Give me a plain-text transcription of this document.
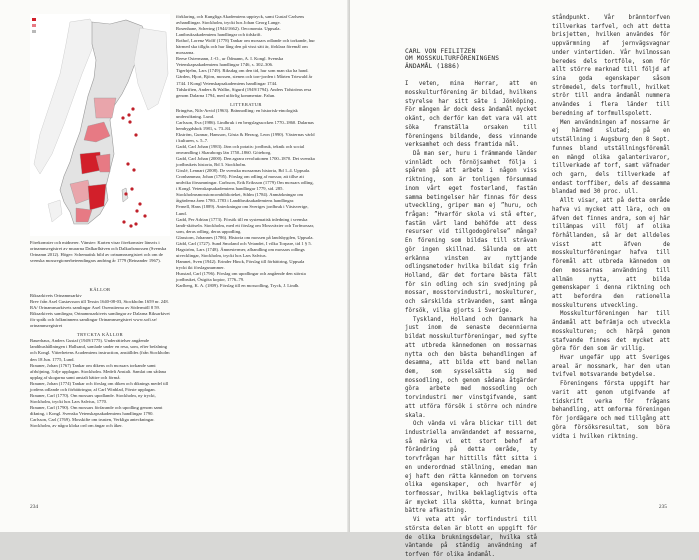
Förekomster och midnerer. Vänster: Karten visar förekomster länsvis i ortnamnsregistret av murarna Dalkarlhäven och Dalkarlsmossen (Svenska Ortnamn 2012). Höger: Schematisk bild av ortnamnsregistret och om de svenska mossregionerbeteendingars andring år 1779 (Reinander 1967).

KÄLLOR

Riksarkivets Ortnamnsarkiv

Brev från Axel Gustavsson till Tessin 1640-08-03, Stockholm 1659 nr. 248. RA/ Ortnamnsarkivets samlingar Axel Oxenstierna av Södermöll 8 59.

Riksarkivets samlingar, Ortnamnsarkivets samlingar av Dalarna Riksarkivet för språk och folkminnens samlingar Ortnamnsregistret www.sofi.se/ ortnamnsregistret

TRYCKTA KÄLLOR

Bauerhaus, Anders Gustaf (1949/1775). Underrättelser angående landthushållningen i Hallsand, samlade under en resa, som, efter befalning och Kongl. Vitterhetens Academiens instruction, anställdes (från Stockholm den 18 Jun. 1775, Lund.

Brauner, Johan (1767) Tankar om dikens och mossars torkande samt afrhöjning, 3:dje upplagan. Stockholm. Medelt Anstalt. Samlat om sådana upplag af skogarna samt anstalt bättre och förmå.

Brauner, Johan (1774) Tankar och förslag om diken och diknings medel till jordens odlande och förbättringar, af Carl Winblad, Förste upplagan.

Brauner, Carl (1770). Om mossars upodlande. Stockholm, ny tryckt, Stockholm, tryckt hos Lars Salvius, 1770.

Brauner, Carl (1790). Om mossars förfarande och upodling genom samt dikning, i Kongl. Svenska Vetenskapsakademiens handlingar 1790.

Carlsson, Carl (1769). Mosskifte om trusten, Verkliga anteckningar. Stockholm, av några kloka ord om ängar och åker.

förklaring, och Kungliga Akademiens upptryck, samt Gustaf Carlsens avhandlingar. Stockholm, tryckt hos Johan Georg Lange.

Rosenhane, Schering (1944/1662). Oeconomia. Uppsala. Lantbruksakademiens handlingar och tidskrift.

Rothof, Lorenz Wolff (1778) Tankar om mossars odlande och torkande, hur härmed ska tillgås och hur lång den på visst sätt är, förklara föremål om mossarna.

Reese Ostermann, J.-O., ur Ödmann, A. I. Kongl. Svenska Vetenskapsakademiens handlingar 1746, s. 302–306.

Tigerhjelm, Lars (1749). Riksdag om den tid, hur som man ska ha hand. Gärden, Hjort, Björn, mossen, stenen och torr-jorden i Mårten Triewald år 1744. I Kongl Vetenskapsakademiens handlingar 1744.

Tidskriften, Anders & Wallin, Sigurd (1949/1794). Anders Tidströms resa genom Dalarna 1794, med utförlig kommentar. Falun.

LITTERATUR

Bringéus, Nils-Arvid (1963). Brännodling: en historisk-etnologisk undersökning. Lund.

Carlsson, Eva (1986). Lindbruk i en bergslagssocken 1770–1860. Dalarnas hembygdsbok 1981, s. 73–84.

Ekström, Gunnar, Hansson, Gösta & Herzog, Leon (1990). Växternas värld i kulturen, s. 5–7.

Gadd, Carl Johan (1983). Järn och potatis: jordbruk, teknik och social omvandling i Skaraborgs län 1750–1860. Göteborg.

Gadd, Carl Johan (2000). Den agrara revolutionen 1700–1870. Det svenska jordbrukets historia, Bd 3. Stockholm.

Gisslé, Lennart (2008). De svenska mossarnas historia, Bd 1–4. Uppsala.

Cronhammar, Johan (1795). Förslag om odling af mossar, att tillse att undvika försumningar. Carlsson, Erik Eriksson (1779) Om mossars odling, i Kongl. Vetenskapsakademiens handlingar 1779, sid. 285.

Stockholmsmosstoncombiblioteket, Sthlm (1784). Anmärkningar om åtgärderna åren 1780–1783 i Landtbruksakademiens handlingar.

Fernell, Hans (1889). Anteckningar om Sveriges jordbruk i Västsverige, Lund.

Gadd, Per Adrian (1773). Försök till en systematisk inledning i svenska landt-skötseln. Stockholm, med ett förslag om Mossväxter och Torfmossar, som, deras odling, deras uppodling.

Glasstorn, Johannes (1786). Historia om mossen på landsbygden, Uppsala.

Gädd, Carl (1727). Sund Smoland och Vetandet, I vilka Torpare, tid 1 § 5.

Hagström, Lars (1748). Ämnestermer, afhandling om mossars odlings utvecklingar, Stockholm, tryckt hos Lars Salvius.

Hamnet, Sven (1942). Erinder Hinck, Förslag till förbättring, Uppsala tryckt ikt förslagsnummer.

Husstad, Carl (1796). Förslag om upodlingar och angående den största jordbruket, Östgöta kopior, 1776–79.

Karlberg, K. A. (1809). Förslag till en mossodling, Tryck, J. Lindh.

234
CARL VON FEILITZEN
OM MOSSKULTURFÖRENINGENS
ÄNDAMÅL (1886)

I veten, mina Herrar, att en mosskulturförening är bildad, hvilkens styrelse har sitt säte i Jönköping. För mången år dock dess ändamål mycket okänt, och derför kan det vara väl att söka framställa orsaken till föreningens bildande, dess vinnande verksamhet och dess framtida mål.

Då man ser, huru i främmande länder vinnlädt och förnöjsamhet följa i spåren på att arbete i någon viss riktning, som är tonligen försummad inom vårt eget fosterland, fastän samma betingelser här finnas för dess utveckling, griper man ej ”huru, och frågan: ”Hvarför skola vi stå efter, fastän vårt land behöfde att dess resurser vid tillgodogörelse” många? En förening som bildas till strävan gör ingen skillnad. Sålunda om att erkänna vinsten av nyttjande odlingsmetoder hvilka bildat sig från Holland, där det fortare bästa fält för sin odling och sin svedjning på mossar, mosstorvindustri, moskulturer, och särskilda strävanden, samt många försök, vilka gjorts i Sverige.

Tyskland, Holland och Danmark ha just inom de senaste decennierna bildat mosskulturföreningar, med syfte att utbreda kännedomen om mossarnas nytta och den bästa behandlingen af desamma, att bilda ett band mellan dem, som sysselsätta sig med mossodling, och genom sådana åtgärder göra arbete med mossodling och torvindustri mer vinstgifvande, samt att utföra försök i större och mindre skala.

Och vända vi våra blickar till det industriella användandet af mossarne, så märka vi ett stort behof af förändring på detta område, ty torvfrågan har hittills fått sitta i en underordnad ställning, emedan man ej haft den rätta kännedom om torvens olika egenskaper, och hvarför ej torfmossar, hvilka beklagligtvis ofta är mycket illa skötta, kunnat bringa bättre afkastning.

Vi veta att vår torfindustri till största delen är blott en uppgift för de olika brukningsdelar, hvilka stå väntande på ständig användning af torfven för olika ändamål.

ståndpunkt. Vår bränntorfven tillverkas tarfvel, och att detta brisjetten, hvilken användes för uppvärmning af jernvägsvagnar under vintertiden. Vår hvilmossan beredes dels tortföle, som för allt större marknad till följd af sina goda egenskaper såsom strömedel, dels torfmull, hvilket strör till andra ändamål nummera användes i flera länder till beredning af torfmullspolett.

Men användningen af mossarne är ej härmed slutad; på en utställning i Augsburg den 8 Sept. funnes bland utställningsföremål en mängd olika galanterivaror, tillverkade af torf, samt väfnader och garn, dels tillverkade af endast torffiber, dels af dessamma blandad med 30 proc. ull.

Allt visar, att på detta område hafva vi mycket att lära, och om äfven det finnes andra, som ej här tillämpas vill följ af olika förhållanden, så är det alldeles visst att äfven de mosskulturföreningar hafva till föremål att utbreda kännedom om den mossarnas användning till allmän nytta, att bilda gemenskaper i denna riktning och att befordra den rationella mosskulturens utveckling.

Mosskulturföreningen har till ändamål att befrämja och utveckla mosskulturen; och härpå genom stafvande finnes det mycket att göra för den som är villig.

Hvar ungefär upp att Sveriges areal är mossmark, har den utan tvifvel motsvarande betydelse.

Föreningens första uppgift har varit att genom utgifvande af tidskrift verka för frågans behandling, att omforma föreningen för jordägare och med tillgång att göra försöksresultat, som böra vidta i hvilken riktning.

235
